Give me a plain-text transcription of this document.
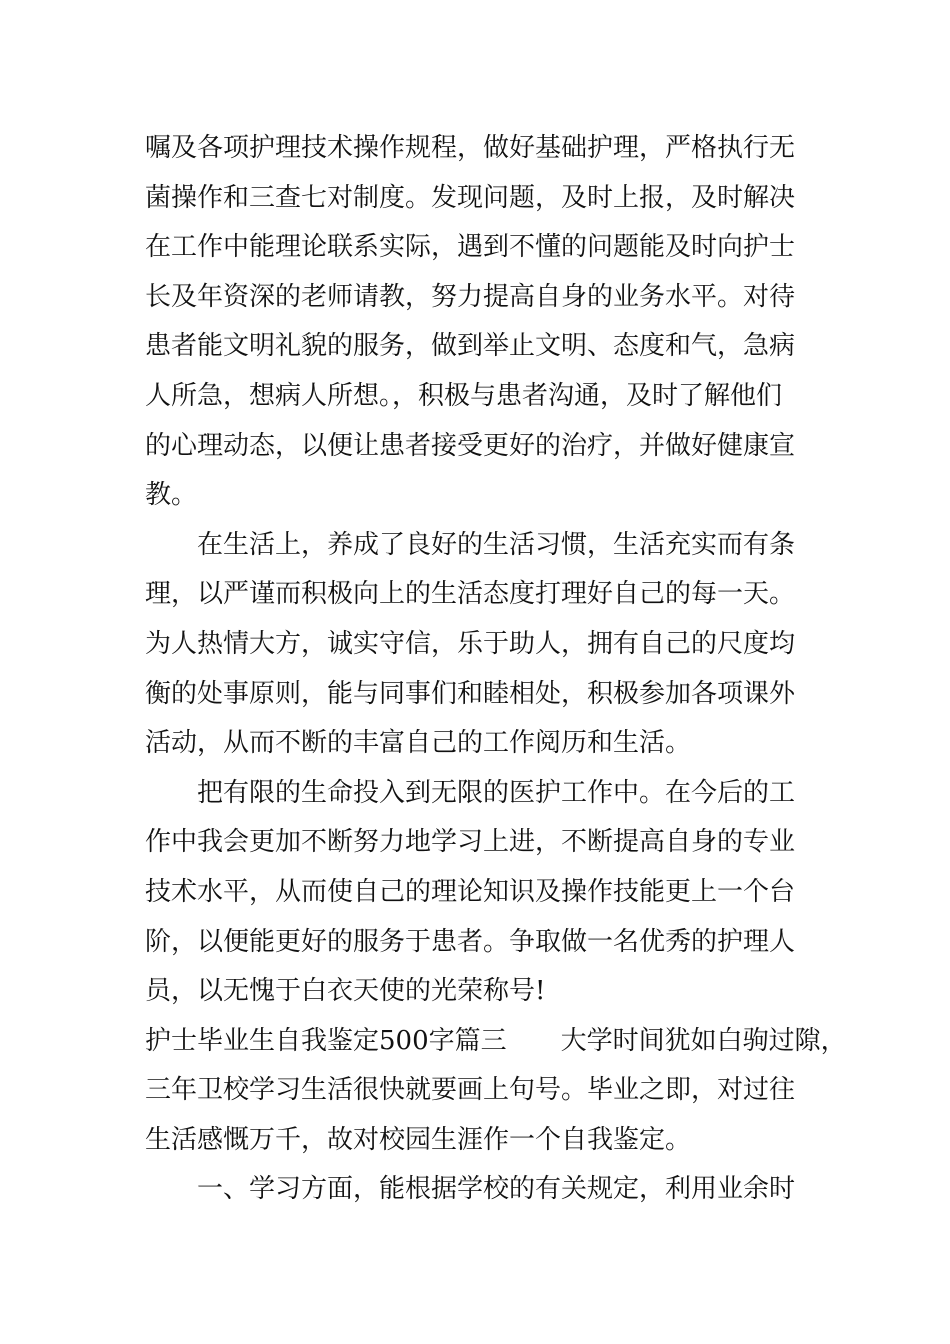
嘱及各项护理技术操作规程，做好基础护理，严格执行无
菌操作和三查七对制度。发现问题，及时上报，及时解决
在工作中能理论联系实际，遇到不懂的问题能及时向护士
长及年资深的老师请教，努力提高自身的业务水平。对待
患者能文明礼貌的服务，做到举止文明、态度和气，急病
人所急，想病人所想。，积极与患者沟通，及时了解他们
的心理动态，以便让患者接受更好的治疗，并做好健康宣
教。
在生活上，养成了良好的生活习惯，生活充实而有条
理，以严谨而积极向上的生活态度打理好自己的每一天。
为人热情大方，诚实守信，乐于助人，拥有自己的尺度均
衡的处事原则，能与同事们和睦相处，积极参加各项课外
活动，从而不断的丰富自己的工作阅历和生活。
把有限的生命投入到无限的医护工作中。在今后的工
作中我会更加不断努力地学习上进，不断提高自身的专业
技术水平，从而使自己的理论知识及操作技能更上一个台
阶，以便能更好的服务于患者。争取做一名优秀的护理人
员，以无愧于白衣天使的光荣称号!
护士毕业生自我鉴定500字篇三 大学时间犹如白驹过隙，
三年卫校学习生活很快就要画上句号。毕业之即，对过往
生活感慨万千，故对校园生涯作一个自我鉴定。
一、学习方面，能根据学校的有关规定，利用业余时
